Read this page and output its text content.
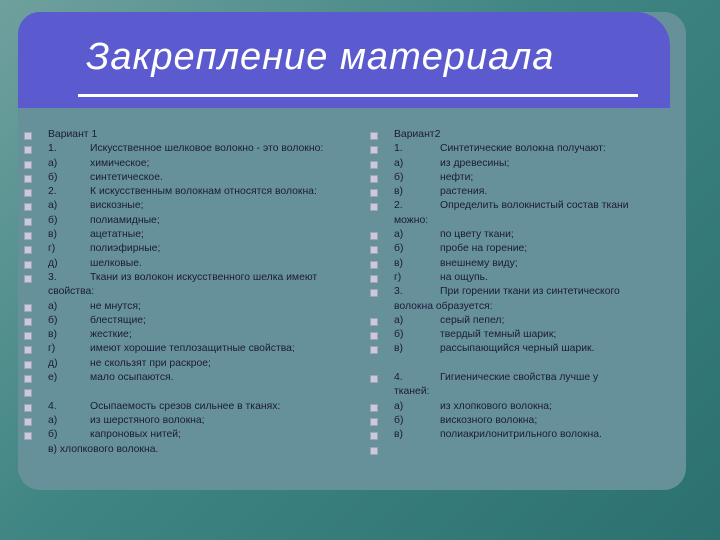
Закрепление материала
Вариант 1
1.	Искусственное шелковое волокно - это волокно:
а)	химическое;
б)	синтетическое.
2.	К искусственным волокнам относятся волокна:
а)	вискозные;
б)	полиамидные;
в)	ацетатные;
г)	полиэфирные;
д)	шелковые.
3.	Ткани из волокон искусственного шелка имеют
свойства:
а)	не мнутся;
б)	блестящие;
в)	жесткие;
г)	имеют хорошие теплозащитные свойства;
д)	не скользят при раскрое;
е)	мало осыпаются.

4.	Осыпаемость срезов сильнее в тканях:
а)	из шерстяного волокна;
б)	капроновых нитей;
в) хлопкового волокна.
Вариант2
1.	Синтетические волокна получают:
а)	из древесины;
б)	нефти;
в)	растения.
2.	Определить волокнистый состав ткани
можно:
а)	по цвету ткани;
б)	пробе на горение;
в)	внешнему виду;
г)	на ощупь.
3.	При горении ткани из синтетического
волокна образуется:
а)	серый пепел;
б)	твердый темный шарик;
в)	рассыпающийся черный шарик.

4.	Гигиенические свойства лучше у
тканей:
а)	из хлопкового волокна;
б)	вискозного волокна;
в)	полиакрилонитрильного волокна.
